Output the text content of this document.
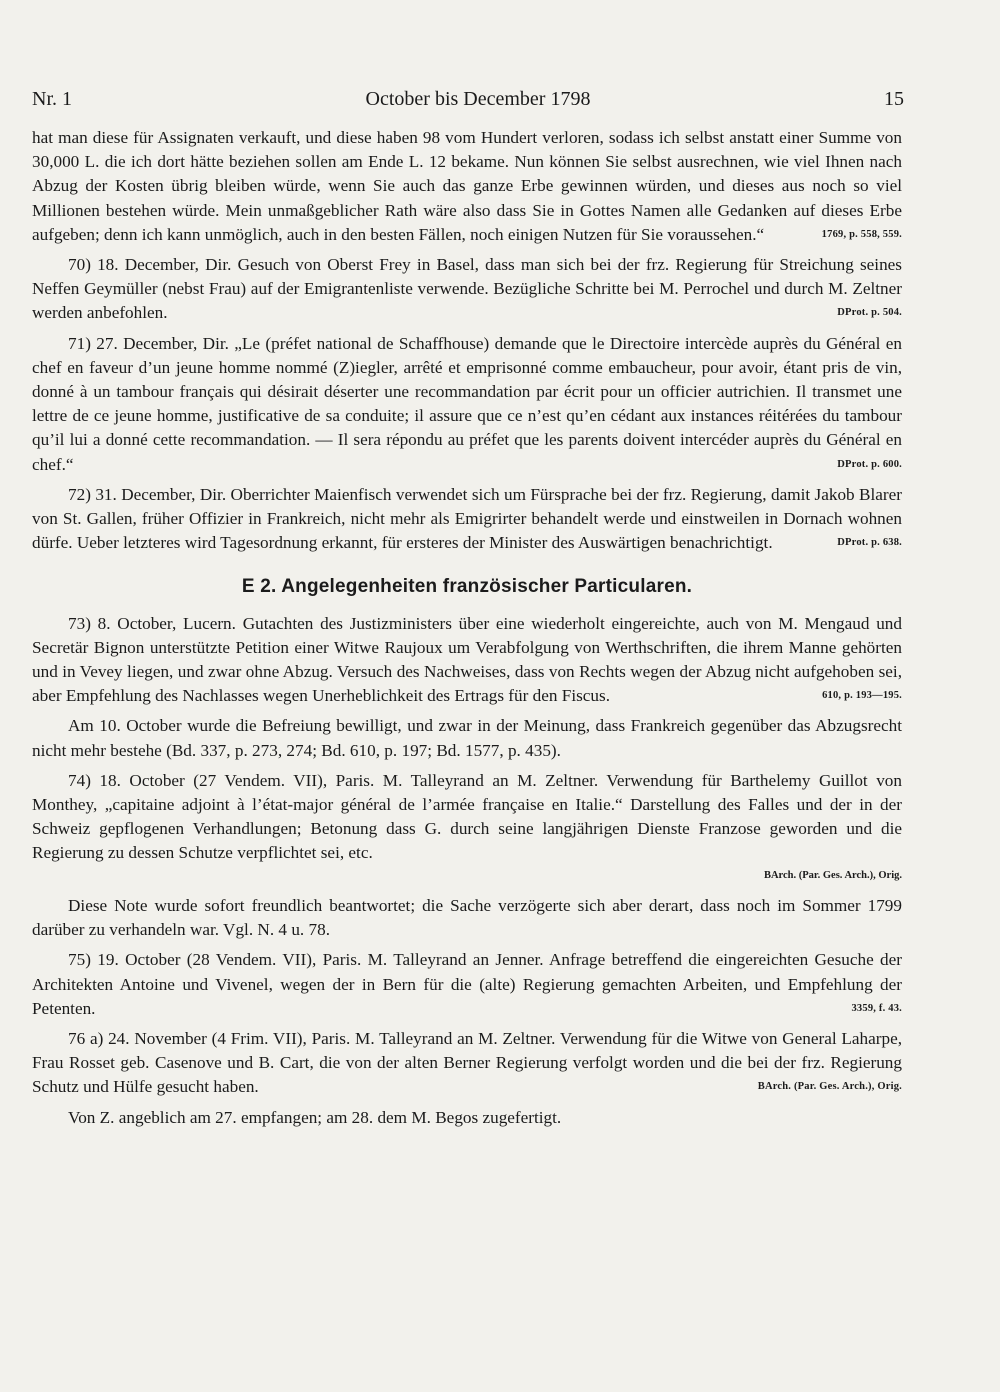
Nr. 1	October bis December 1798	15

hat man diese für Assignaten verkauft, und diese haben 98 vom Hundert verloren, sodass ich selbst anstatt einer Summe von 30,000 L. die ich dort hätte beziehen sollen am Ende L. 12 bekame. Nun können Sie selbst ausrechnen, wie viel Ihnen nach Abzug der Kosten übrig bleiben würde, wenn Sie auch das ganze Erbe gewinnen würden, und dieses aus noch so viel Millionen bestehen würde. Mein unmaßgeblicher Rath wäre also dass Sie in Gottes Namen alle Gedanken auf dieses Erbe aufgeben; denn ich kann unmöglich, auch in den besten Fällen, noch einigen Nutzen für Sie voraussehen.“	1769, p. 558, 559.

70) 18. December, Dir. Gesuch von Oberst Frey in Basel, dass man sich bei der frz. Regierung für Streichung seines Neffen Geymüller (nebst Frau) auf der Emigrantenliste verwende. Bezügliche Schritte bei M. Perrochel und durch M. Zeltner werden anbefohlen.	DProt. p. 504.

71) 27. December, Dir. „Le (préfet national de Schaffhouse) demande que le Directoire intercède auprès du Général en chef en faveur d’un jeune homme nommé (Z)iegler, arrêté et emprisonné comme embaucheur, pour avoir, étant pris de vin, donné à un tambour français qui désirait déserter une recommandation par écrit pour un officier autrichien. Il transmet une lettre de ce jeune homme, justificative de sa conduite; il assure que ce n’est qu’en cédant aux instances réitérées du tambour qu’il lui a donné cette recommandation. — Il sera répondu au préfet que les parents doivent intercéder auprès du Général en chef.“	DProt. p. 600.

72) 31. December, Dir. Oberrichter Maienfisch verwendet sich um Fürsprache bei der frz. Regierung, damit Jakob Blarer von St. Gallen, früher Offizier in Frankreich, nicht mehr als Emigrirter behandelt werde und einstweilen in Dornach wohnen dürfe. Ueber letzteres wird Tagesordnung erkannt, für ersteres der Minister des Auswärtigen benachrichtigt.	DProt. p. 638.

E 2. Angelegenheiten französischer Particularen.

73) 8. October, Lucern. Gutachten des Justizministers über eine wiederholt eingereichte, auch von M. Mengaud und Secretär Bignon unterstützte Petition einer Witwe Raujoux um Verabfolgung von Werthschriften, die ihrem Manne gehörten und in Vevey liegen, und zwar ohne Abzug. Versuch des Nachweises, dass von Rechts wegen der Abzug nicht aufgehoben sei, aber Empfehlung des Nachlasses wegen Unerheblichkeit des Ertrags für den Fiscus.	610, p. 193—195.

Am 10. October wurde die Befreiung bewilligt, und zwar in der Meinung, dass Frankreich gegenüber das Abzugsrecht nicht mehr bestehe (Bd. 337, p. 273, 274; Bd. 610, p. 197; Bd. 1577, p. 435).

74) 18. October (27 Vendem. VII), Paris. M. Talleyrand an M. Zeltner. Verwendung für Barthelemy Guillot von Monthey, „capitaine adjoint à l’état-major général de l’armée française en Italie.“ Darstellung des Falles und der in der Schweiz gepflogenen Verhandlungen; Betonung dass G. durch seine langjährigen Dienste Franzose geworden und die Regierung zu dessen Schutze verpflichtet sei, etc.
BArch. (Par. Ges. Arch.), Orig.

Diese Note wurde sofort freundlich beantwortet; die Sache verzögerte sich aber derart, dass noch im Sommer 1799 darüber zu verhandeln war. Vgl. N. 4 u. 78.

75) 19. October (28 Vendem. VII), Paris. M. Talleyrand an Jenner. Anfrage betreffend die eingereichten Gesuche der Architekten Antoine und Vivenel, wegen der in Bern für die (alte) Regierung gemachten Arbeiten, und Empfehlung der Petenten.	3359, f. 43.

76 a) 24. November (4 Frim. VII), Paris. M. Talleyrand an M. Zeltner. Verwendung für die Witwe von General Laharpe, Frau Rosset geb. Casenove und B. Cart, die von der alten Berner Regierung verfolgt worden und die bei der frz. Regierung Schutz und Hülfe gesucht haben.	BArch. (Par. Ges. Arch.), Orig.

Von Z. angeblich am 27. empfangen; am 28. dem M. Begos zugefertigt.
